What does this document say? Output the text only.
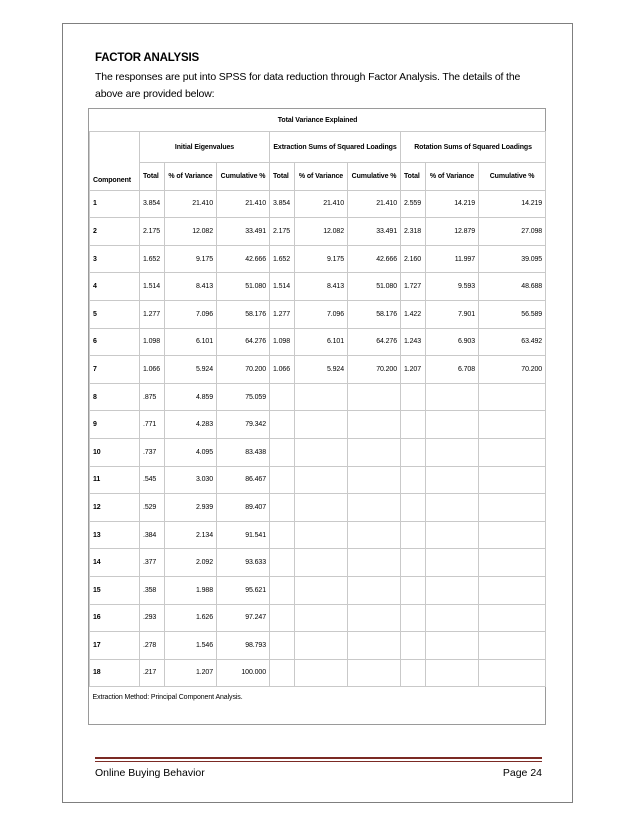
FACTOR ANALYSIS
The responses are put into SPSS for data reduction through Factor Analysis. The details of the above are provided below:
Total Variance Explained									
Component	Initial Eigenvalues			Extraction Sums of Squared Loadings			Rotation Sums of Squared Loadings		
	Total	% of Variance	Cumulative %	Total	% of Variance	Cumulative %	Total	% of Variance	Cumulative %
1	3.854	21.410	21.410	3.854	21.410	21.410	2.559	14.219	14.219
2	2.175	12.082	33.491	2.175	12.082	33.491	2.318	12.879	27.098
3	1.652	9.175	42.666	1.652	9.175	42.666	2.160	11.997	39.095
4	1.514	8.413	51.080	1.514	8.413	51.080	1.727	9.593	48.688
5	1.277	7.096	58.176	1.277	7.096	58.176	1.422	7.901	56.589
6	1.098	6.101	64.276	1.098	6.101	64.276	1.243	6.903	63.492
7	1.066	5.924	70.200	1.066	5.924	70.200	1.207	6.708	70.200
8	.875	4.859	75.059						
9	.771	4.283	79.342						
10	.737	4.095	83.438						
11	.545	3.030	86.467						
12	.529	2.939	89.407						
13	.384	2.134	91.541						
14	.377	2.092	93.633						
15	.358	1.988	95.621						
16	.293	1.626	97.247						
17	.278	1.546	98.793						
18	.217	1.207	100.000						
Extraction Method: Principal Component Analysis.									
Online Buying Behavior	Page 24
